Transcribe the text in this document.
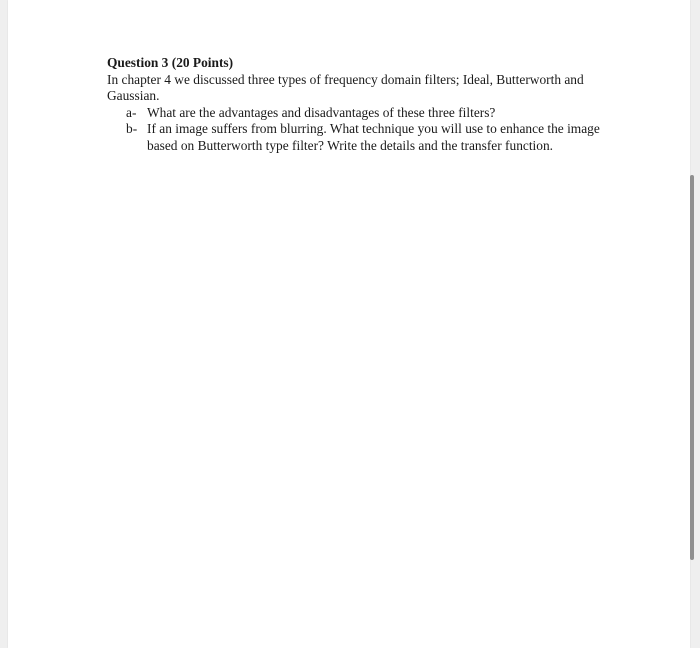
Question 3 (20 Points)

In chapter 4 we discussed three types of frequency domain filters; Ideal, Butterworth and Gaussian.

a- What are the advantages and disadvantages of these three filters?
b- If an image suffers from blurring. What technique you will use to enhance the image based on Butterworth type filter? Write the details and the transfer function.
